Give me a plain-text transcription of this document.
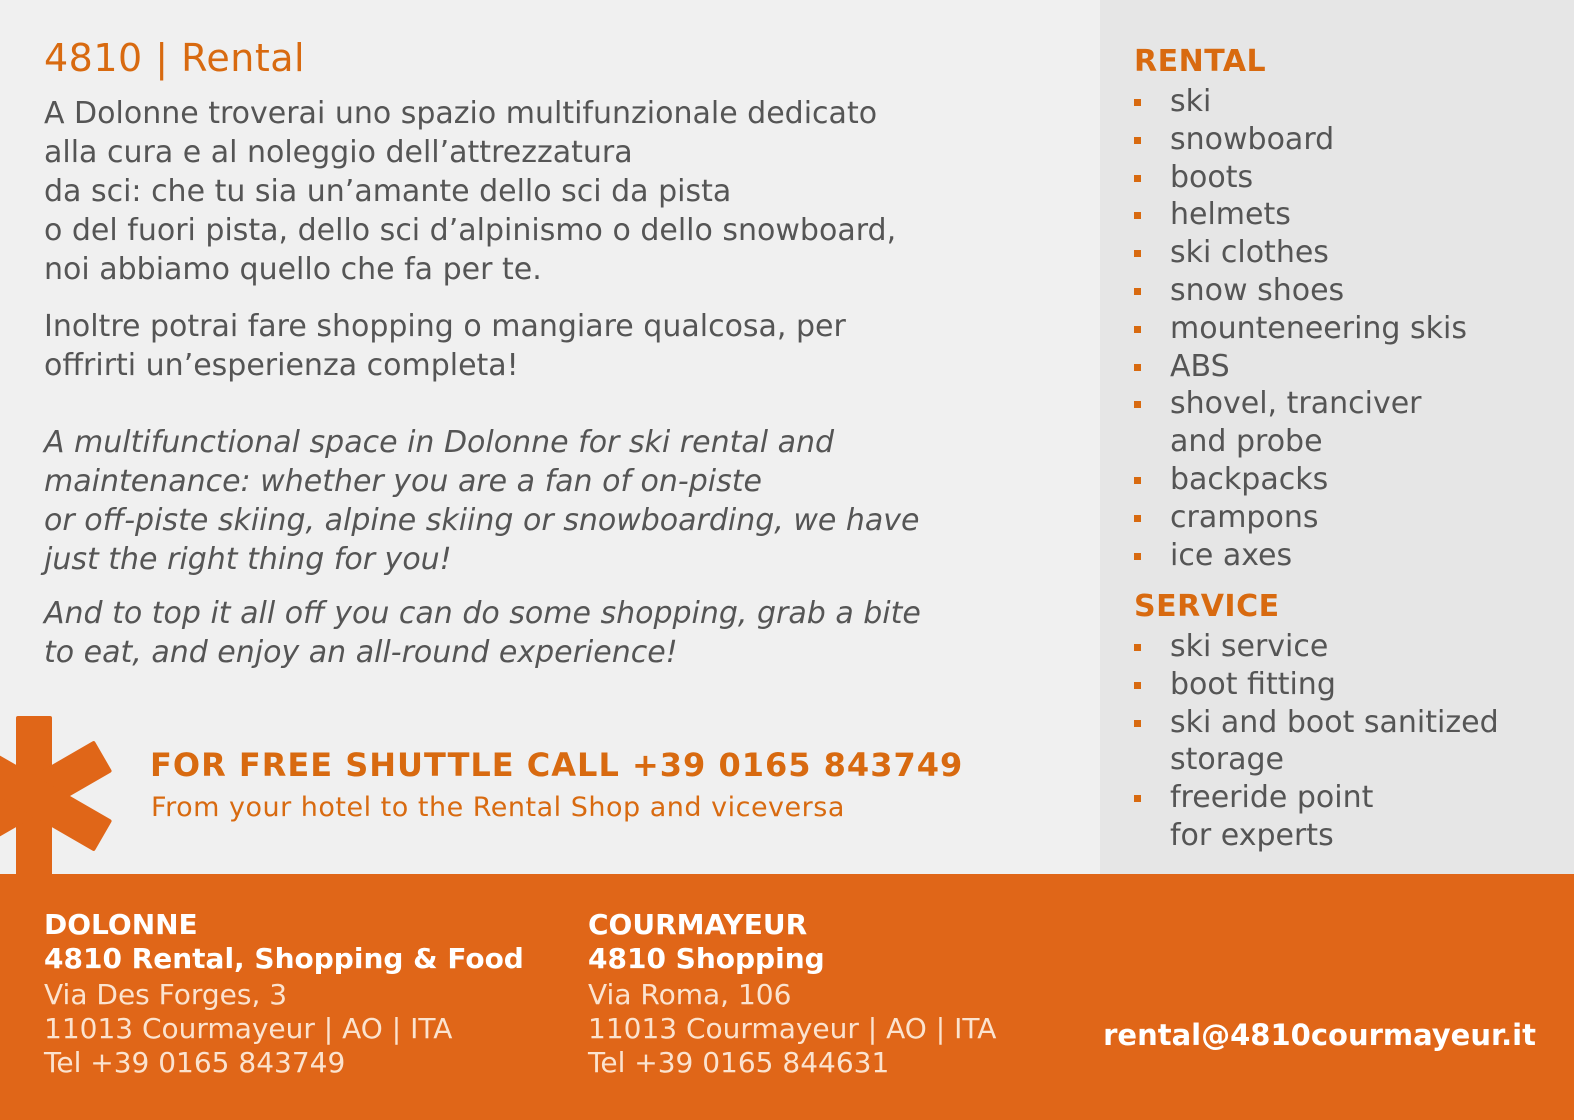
4810 | Rental
A Dolonne troverai uno spazio multifunzionale dedicato
alla cura e al noleggio dell’attrezzatura
da sci: che tu sia un’amante dello sci da pista
o del fuori pista, dello sci d’alpinismo o dello snowboard,
noi abbiamo quello che fa per te.
Inoltre potrai fare shopping o mangiare qualcosa, per
offrirti un’esperienza completa!
A multifunctional space in Dolonne for ski rental and
maintenance: whether you are a fan of on-piste
or off-piste skiing, alpine skiing or snowboarding, we have
just the right thing for you!
And to top it all off you can do some shopping, grab a bite
to eat, and enjoy an all-round experience!
RENTAL
ski
snowboard
boots
helmets
ski clothes
snow shoes
mounteneering skis
ABS
shovel, tranciver
and probe
backpacks
crampons
ice axes
SERVICE
ski service
boot fitting
ski and boot sanitized
storage
freeride point
for experts
FOR FREE SHUTTLE CALL +39 0165 843749
From your hotel to the Rental Shop and viceversa
DOLONNE
4810 Rental, Shopping & Food
Via Des Forges, 3
11013 Courmayeur | AO | ITA
Tel +39 0165 843749
COURMAYEUR
4810 Shopping
Via Roma, 106
11013 Courmayeur | AO | ITA
Tel +39 0165 844631
rental@4810courmayeur.it
